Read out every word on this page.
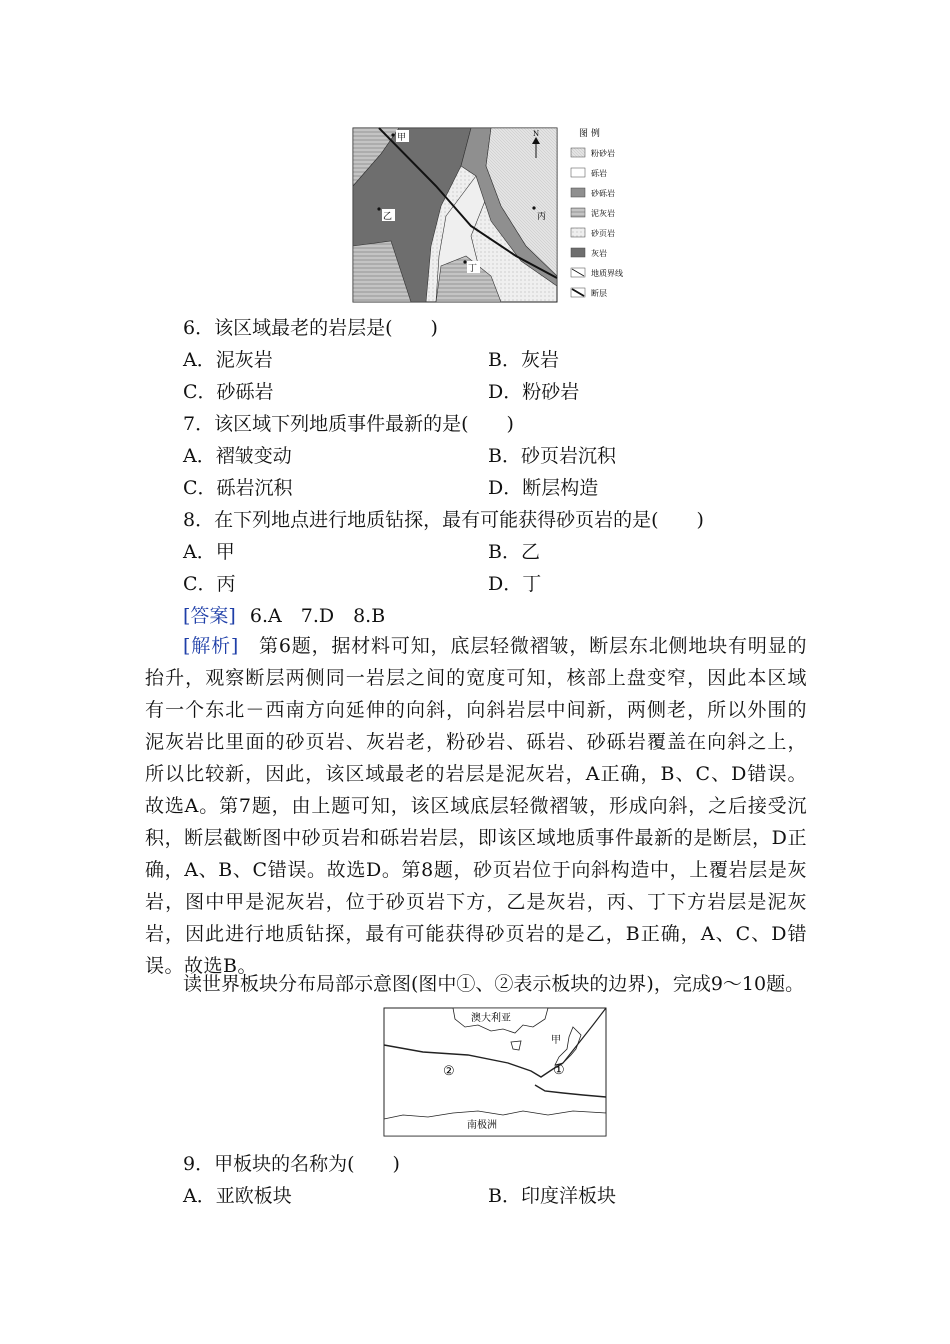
甲
乙	丙
丁
N	图 例
粉砂岩
砾岩
砂砾岩
泥灰岩
砂页岩
灰岩
地质界线
断层
6．该区域最老的岩层是(　　)
A．泥灰岩	B．灰岩
C．砂砾岩	D．粉砂岩
7．该区域下列地质事件最新的是(　　)
A．褶皱变动	B．砂页岩沉积
C．砾岩沉积	D．断层构造
8．在下列地点进行地质钻探，最有可能获得砂页岩的是(　　)
A．甲	B．乙
C．丙	D．丁
[答案] 6.A　7.D　8.B
[解析]　第6题，据材料可知，底层轻微褶皱，断层东北侧地块有明显的抬升，观察断层两侧同一岩层之间的宽度可知，核部上盘变窄，因此本区域有一个东北－西南方向延伸的向斜，向斜岩层中间新，两侧老，所以外围的泥灰岩比里面的砂页岩、灰岩老，粉砂岩、砾岩、砂砾岩覆盖在向斜之上，所以比较新，因此，该区域最老的岩层是泥灰岩，A正确，B、C、D错误。故选A。第7题，由上题可知，该区域底层轻微褶皱，形成向斜，之后接受沉积，断层截断图中砂页岩和砾岩岩层，即该区域地质事件最新的是断层，D正确，A、B、C错误。故选D。第8题，砂页岩位于向斜构造中，上覆岩层是灰岩，图中甲是泥灰岩，位于砂页岩下方，乙是灰岩，丙、丁下方岩层是泥灰岩，因此进行地质钻探，最有可能获得砂页岩的是乙，B正确，A、C、D错误。故选B。
读世界板块分布局部示意图(图中①、②表示板块的边界)，完成9～10题。
澳大利亚
甲
②	①
南极洲
9．甲板块的名称为(　　)
A．亚欧板块	B．印度洋板块
